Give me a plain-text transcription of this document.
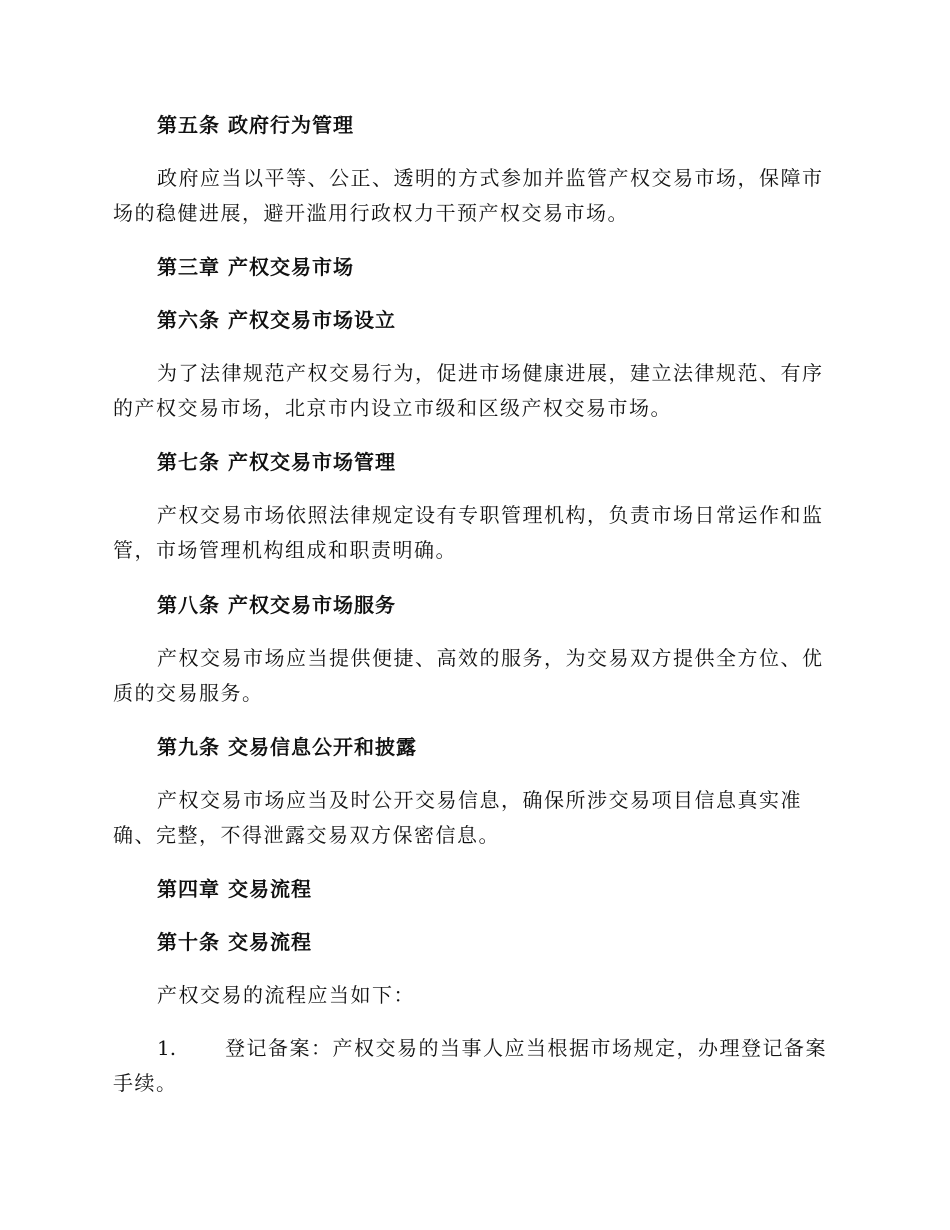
第五条 政府行为管理
政府应当以平等、公正、透明的方式参加并监管产权交易市场，保障市
场的稳健进展，避开滥用行政权力干预产权交易市场。
第三章 产权交易市场
第六条 产权交易市场设立
为了法律规范产权交易行为，促进市场健康进展，建立法律规范、有序
的产权交易市场，北京市内设立市级和区级产权交易市场。
第七条 产权交易市场管理
产权交易市场依照法律规定设有专职管理机构，负责市场日常运作和监
管，市场管理机构组成和职责明确。
第八条 产权交易市场服务
产权交易市场应当提供便捷、高效的服务，为交易双方提供全方位、优
质的交易服务。
第九条 交易信息公开和披露
产权交易市场应当及时公开交易信息，确保所涉交易项目信息真实准
确、完整，不得泄露交易双方保密信息。
第四章 交易流程
第十条 交易流程
产权交易的流程应当如下：
1. 登记备案：产权交易的当事人应当根据市场规定，办理登记备案
手续。
